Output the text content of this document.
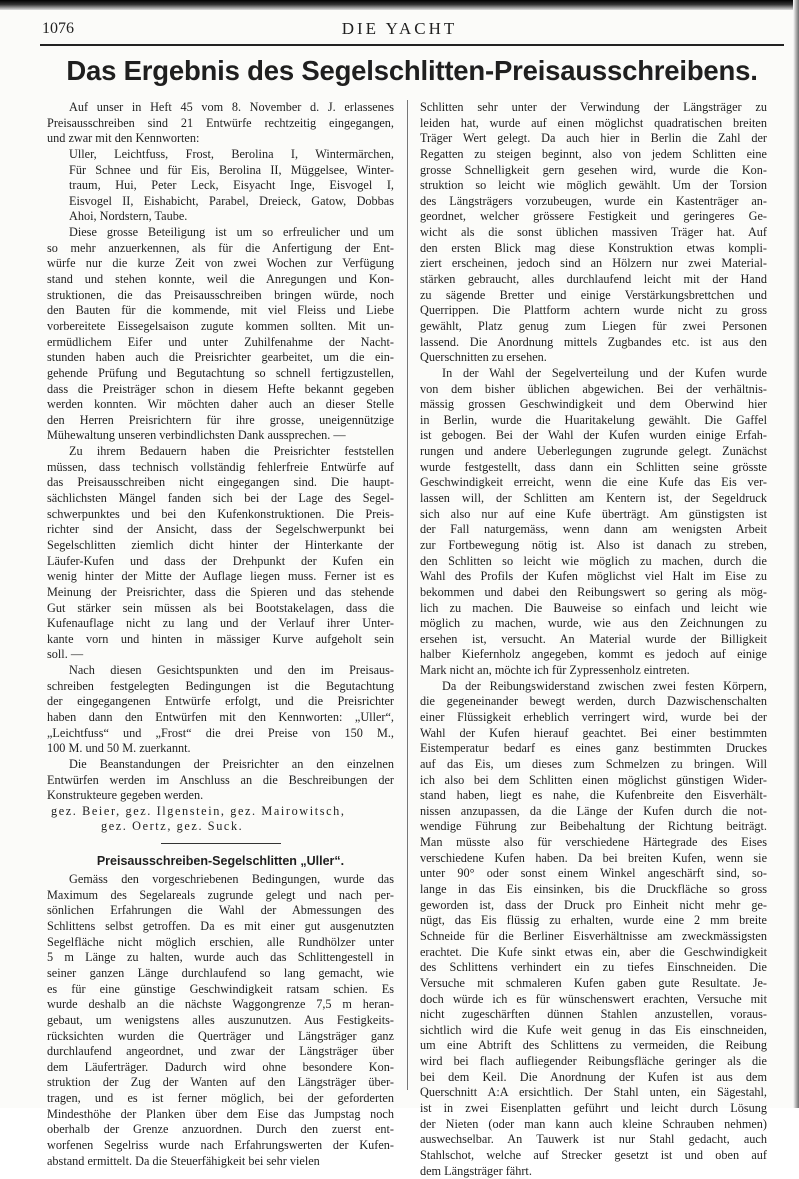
1076	DIE YACHT
Das Ergebnis des Segelschlitten-Preisausschreibens.
Auf unser in Heft 45 vom 8. November d. J. erlassenes
Preisausschreiben sind 21 Entwürfe rechtzeitig eingegangen,
und zwar mit den Kennworten:
Uller, Leichtfuss, Frost, Berolina I, Wintermärchen,
Für Schnee und für Eis, Berolina II, Müggelsee, Winter-
traum, Hui, Peter Leck, Eisyacht Inge, Eisvogel I,
Eisvogel II, Eishabicht, Parabel, Dreieck, Gatow, Dobbas
Ahoi, Nordstern, Taube.
Diese grosse Beteiligung ist um so erfreulicher und um
so mehr anzuerkennen, als für die Anfertigung der Ent-
würfe nur die kurze Zeit von zwei Wochen zur Verfügung
stand und stehen konnte, weil die Anregungen und Kon-
struktionen, die das Preisausschreiben bringen würde, noch
den Bauten für die kommende, mit viel Fleiss und Liebe
vorbereitete Eissegelsaison zugute kommen sollten. Mit un-
ermüdlichem Eifer und unter Zuhilfenahme der Nacht-
stunden haben auch die Preisrichter gearbeitet, um die ein-
gehende Prüfung und Begutachtung so schnell fertigzustellen,
dass die Preisträger schon in diesem Hefte bekannt gegeben
werden konnten. Wir möchten daher auch an dieser Stelle
den Herren Preisrichtern für ihre grosse, uneigennützige
Mühewaltung unseren verbindlichsten Dank aussprechen. —
Zu ihrem Bedauern haben die Preisrichter feststellen
müssen, dass technisch vollständig fehlerfreie Entwürfe auf
das Preisausschreiben nicht eingegangen sind. Die haupt-
sächlichsten Mängel fanden sich bei der Lage des Segel-
schwerpunktes und bei den Kufenkonstruktionen. Die Preis-
richter sind der Ansicht, dass der Segelschwerpunkt bei
Segelschlitten ziemlich dicht hinter der Hinterkante der
Läufer-Kufen und dass der Drehpunkt der Kufen ein
wenig hinter der Mitte der Auflage liegen muss. Ferner ist es
Meinung der Preisrichter, dass die Spieren und das stehende
Gut stärker sein müssen als bei Bootstakelagen, dass die
Kufenauflage nicht zu lang und der Verlauf ihrer Unter-
kante vorn und hinten in mässiger Kurve aufgeholt sein
soll. —
Nach diesen Gesichtspunkten und den im Preisaus-
schreiben festgelegten Bedingungen ist die Begutachtung
der eingegangenen Entwürfe erfolgt, und die Preisrichter
haben dann den Entwürfen mit den Kennworten: „Uller“,
„Leichtfuss“ und „Frost“ die drei Preise von 150 M.,
100 M. und 50 M. zuerkannt.
Die Beanstandungen der Preisrichter an den einzelnen
Entwürfen werden im Anschluss an die Beschreibungen der
Konstrukteure gegeben werden.
gez. Beier, gez. Ilgenstein, gez. Mairowitsch,
gez. Oertz, gez. Suck.
Preisausschreiben-Segelschlitten „Uller“.
Gemäss den vorgeschriebenen Bedingungen, wurde das
Maximum des Segelareals zugrunde gelegt und nach per-
sönlichen Erfahrungen die Wahl der Abmessungen des
Schlittens selbst getroffen. Da es mit einer gut ausgenutzten
Segelfläche nicht möglich erschien, alle Rundhölzer unter
5 m Länge zu halten, wurde auch das Schlittengestell in
seiner ganzen Länge durchlaufend so lang gemacht, wie
es für eine günstige Geschwindigkeit ratsam schien. Es
wurde deshalb an die nächste Waggongrenze 7,5 m heran-
gebaut, um wenigstens alles auszunutzen. Aus Festigkeits-
rücksichten wurden die Querträger und Längsträger ganz
durchlaufend angeordnet, und zwar der Längsträger über
dem Läuferträger. Dadurch wird ohne besondere Kon-
struktion der Zug der Wanten auf den Längsträger über-
tragen, und es ist ferner möglich, bei der geforderten
Mindesthöhe der Planken über dem Eise das Jumpstag noch
oberhalb der Grenze anzuordnen. Durch den zuerst ent-
worfenen Segelriss wurde nach Erfahrungswerten der Kufen-
abstand ermittelt. Da die Steuerfähigkeit bei sehr vielen
Schlitten sehr unter der Verwindung der Längsträger zu
leiden hat, wurde auf einen möglichst quadratischen breiten
Träger Wert gelegt. Da auch hier in Berlin die Zahl der
Regatten zu steigen beginnt, also von jedem Schlitten eine
grosse Schnelligkeit gern gesehen wird, wurde die Kon-
struktion so leicht wie möglich gewählt. Um der Torsion
des Längsträgers vorzubeugen, wurde ein Kastenträger an-
geordnet, welcher grössere Festigkeit und geringeres Ge-
wicht als die sonst üblichen massiven Träger hat. Auf
den ersten Blick mag diese Konstruktion etwas kompli-
ziert erscheinen, jedoch sind an Hölzern nur zwei Material-
stärken gebraucht, alles durchlaufend leicht mit der Hand
zu sägende Bretter und einige Verstärkungsbrettchen und
Querrippen. Die Plattform achtern wurde nicht zu gross
gewählt, Platz genug zum Liegen für zwei Personen
lassend. Die Anordnung mittels Zugbandes etc. ist aus den
Querschnitten zu ersehen.
In der Wahl der Segelverteilung und der Kufen wurde
von dem bisher üblichen abgewichen. Bei der verhältnis-
mässig grossen Geschwindigkeit und dem Oberwind hier
in Berlin, wurde die Huaritakelung gewählt. Die Gaffel
ist gebogen. Bei der Wahl der Kufen wurden einige Erfah-
rungen und andere Ueberlegungen zugrunde gelegt. Zunächst
wurde festgestellt, dass dann ein Schlitten seine grösste
Geschwindigkeit erreicht, wenn die eine Kufe das Eis ver-
lassen will, der Schlitten am Kentern ist, der Segeldruck
sich also nur auf eine Kufe überträgt. Am günstigsten ist
der Fall naturgemäss, wenn dann am wenigsten Arbeit
zur Fortbewegung nötig ist. Also ist danach zu streben,
den Schlitten so leicht wie möglich zu machen, durch die
Wahl des Profils der Kufen möglichst viel Halt im Eise zu
bekommen und dabei den Reibungswert so gering als mög-
lich zu machen. Die Bauweise so einfach und leicht wie
möglich zu machen, wurde, wie aus den Zeichnungen zu
ersehen ist, versucht. An Material wurde der Billigkeit
halber Kiefernholz angegeben, kommt es jedoch auf einige
Mark nicht an, möchte ich für Zypressenholz eintreten.
Da der Reibungswiderstand zwischen zwei festen Körpern,
die gegeneinander bewegt werden, durch Dazwischenschalten
einer Flüssigkeit erheblich verringert wird, wurde bei der
Wahl der Kufen hierauf geachtet. Bei einer bestimmten
Eistemperatur bedarf es eines ganz bestimmten Druckes
auf das Eis, um dieses zum Schmelzen zu bringen. Will
ich also bei dem Schlitten einen möglichst günstigen Wider-
stand haben, liegt es nahe, die Kufenbreite den Eisverhält-
nissen anzupassen, da die Länge der Kufen durch die not-
wendige Führung zur Beibehaltung der Richtung beiträgt.
Man müsste also für verschiedene Härtegrade des Eises
verschiedene Kufen haben. Da bei breiten Kufen, wenn sie
unter 90° oder sonst einem Winkel angeschärft sind, so-
lange in das Eis einsinken, bis die Druckfläche so gross
geworden ist, dass der Druck pro Einheit nicht mehr ge-
nügt, das Eis flüssig zu erhalten, wurde eine 2 mm breite
Schneide für die Berliner Eisverhältnisse am zweckmässigsten
erachtet. Die Kufe sinkt etwas ein, aber die Geschwindigkeit
des Schlittens verhindert ein zu tiefes Einschneiden. Die
Versuche mit schmaleren Kufen gaben gute Resultate. Je-
doch würde ich es für wünschenswert erachten, Versuche mit
nicht zugeschärften dünnen Stahlen anzustellen, voraus-
sichtlich wird die Kufe weit genug in das Eis einschneiden,
um eine Abtrift des Schlittens zu vermeiden, die Reibung
wird bei flach aufliegender Reibungsfläche geringer als die
bei dem Keil. Die Anordnung der Kufen ist aus dem
Querschnitt A:A ersichtlich. Der Stahl unten, ein Sägestahl,
ist in zwei Eisenplatten geführt und leicht durch Lösung
der Nieten (oder man kann auch kleine Schrauben nehmen)
auswechselbar. An Tauwerk ist nur Stahl gedacht, auch
Stahlschot, welche auf Strecker gesetzt ist und oben auf
dem Längsträger fährt.
